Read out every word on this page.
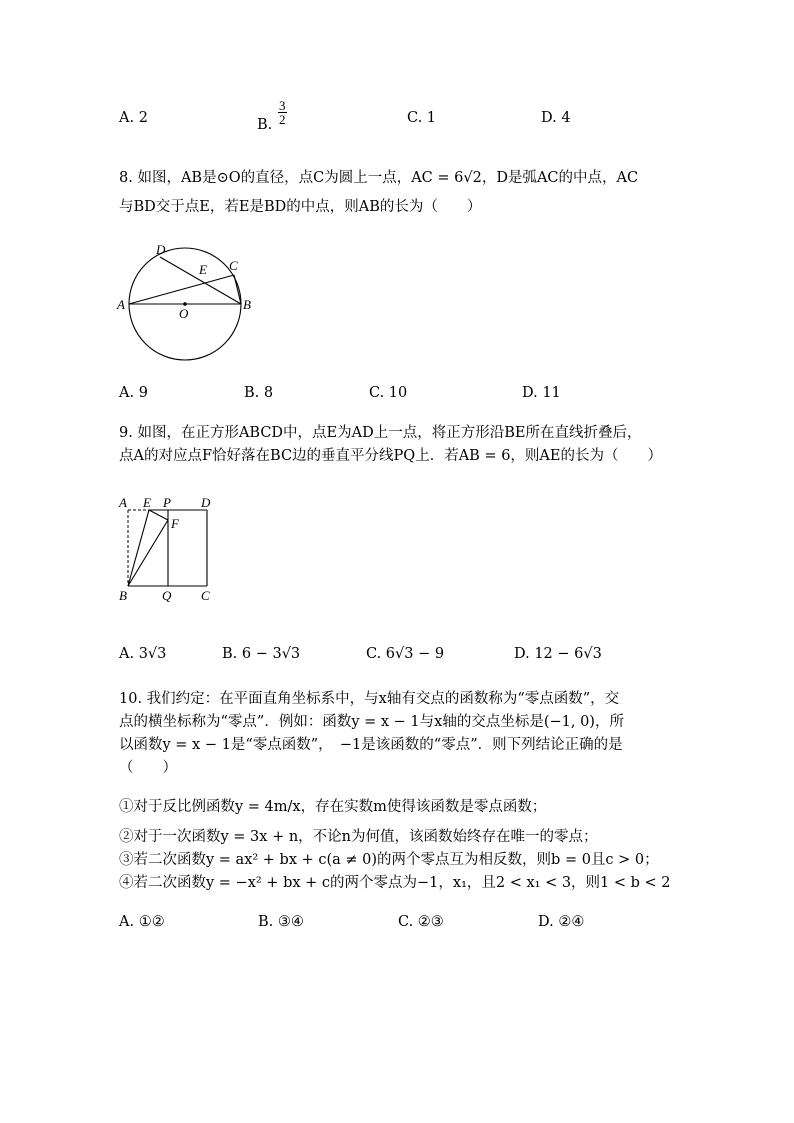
A. 2	B. $\frac{3}{2}$	C. 1	D. 4
8. 如图，AB是⊙O的直径，点C为圆上一点，AC = 6√2，D是弧AC的中点，AC
与BD交于点E，若E是BD的中点，则AB的长为（　　）
A	B
C
D
E
O
A. 9	B. 8	C. 10	D. 11
9. 如图，在正方形ABCD中，点E为AD上一点，将正方形沿BE所在直线折叠后，
点A的对应点F恰好落在BC边的垂直平分线PQ上．若AB = 6，则AE的长为（　　）
A E P D
F
B	Q C
A. 3√3	B. 6 − 3√3	C. 6√3 − 9	D. 12 − 6√3
10. 我们约定：在平面直角坐标系中，与x轴有交点的函数称为“零点函数”，交
点的横坐标称为“零点”．例如：函数y = x − 1与x轴的交点坐标是(−1, 0)，所
以函数y = x − 1是“零点函数”，　−1是该函数的“零点”．则下列结论正确的是
（　　）
①对于反比例函数y = 4m/x，存在实数m使得该函数是零点函数；
②对于一次函数y = 3x + n，不论n为何值，该函数始终存在唯一的零点；
③若二次函数y = ax² + bx + c(a ≠ 0)的两个零点互为相反数，则b = 0且c > 0；
④若二次函数y = −x² + bx + c的两个零点为−1，x₁，且2 < x₁ < 3，则1 < b < 2
A. ①②	B. ③④	C. ②③	D. ②④
